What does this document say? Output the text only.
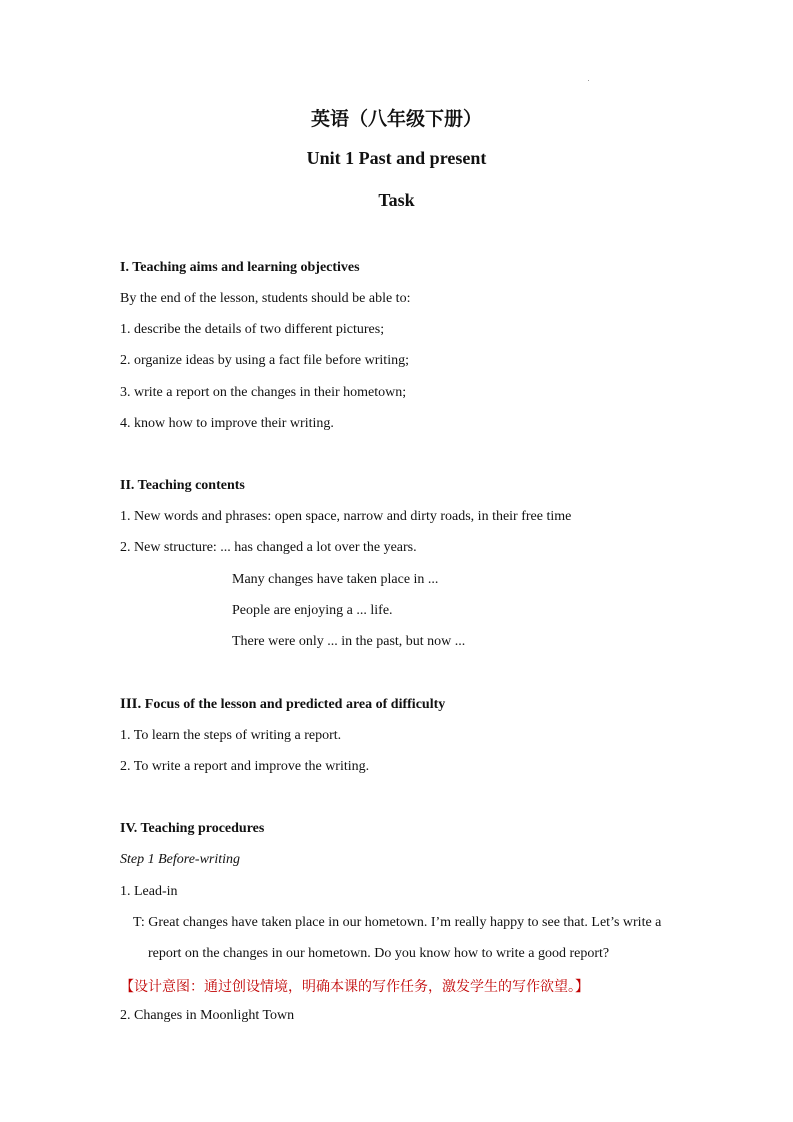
英语（八年级下册）
Unit 1 Past and present
Task
I. Teaching aims and learning objectives
By the end of the lesson, students should be able to:
1. describe the details of two different pictures;
2. organize ideas by using a fact file before writing;
3. write a report on the changes in their hometown;
4. know how to improve their writing.
II. Teaching contents
1. New words and phrases: open space, narrow and dirty roads, in their free time
2. New structure: ... has changed a lot over the years.
Many changes have taken place in ...
People are enjoying a ... life.
There were only ... in the past, but now ...
III. Focus of the lesson and predicted area of difficulty
1. To learn the steps of writing a report.
2. To write a report and improve the writing.
IV. Teaching procedures
Step 1 Before-writing
1. Lead-in
T: Great changes have taken place in our hometown. I’m really happy to see that. Let’s write a
report on the changes in our hometown. Do you know how to write a good report?
【设计意图：通过创设情境，明确本课的写作任务，激发学生的写作欲望。】
2. Changes in Moonlight Town
